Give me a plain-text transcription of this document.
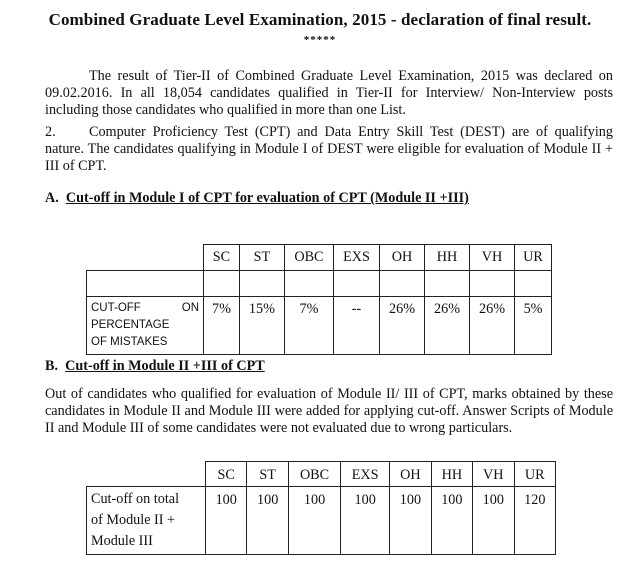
Combined Graduate Level Examination, 2015 - declaration of final result.
*****
The result of Tier-II of Combined Graduate Level Examination, 2015 was declared on 09.02.2016. In all 18,054 candidates qualified in Tier-II for Interview/ Non-Interview posts including those candidates who qualified in more than one List.
2. Computer Proficiency Test (CPT) and Data Entry Skill Test (DEST) are of qualifying nature. The candidates qualifying in Module I of DEST were eligible for evaluation of Module II + III of CPT.
A. Cut-off in Module I of CPT for evaluation of CPT (Module II +III)
	SC	ST	OBC	EXS	OH	HH	VH	UR

CUT-OFF ON
PERCENTAGE
OF MISTAKES	7%	15%	7%	--	26%	26%	26%	5%
B. Cut-off in Module II +III of CPT
Out of candidates who qualified for evaluation of Module II/ III of CPT, marks obtained by these candidates in Module II and Module III were added for applying cut-off. Answer Scripts of Module II and Module III of some candidates were not evaluated due to wrong particulars.
	SC	ST	OBC	EXS	OH	HH	VH	UR

Cut-off on total
of Module II +
Module III	100	100	100	100	100	100	100	120
